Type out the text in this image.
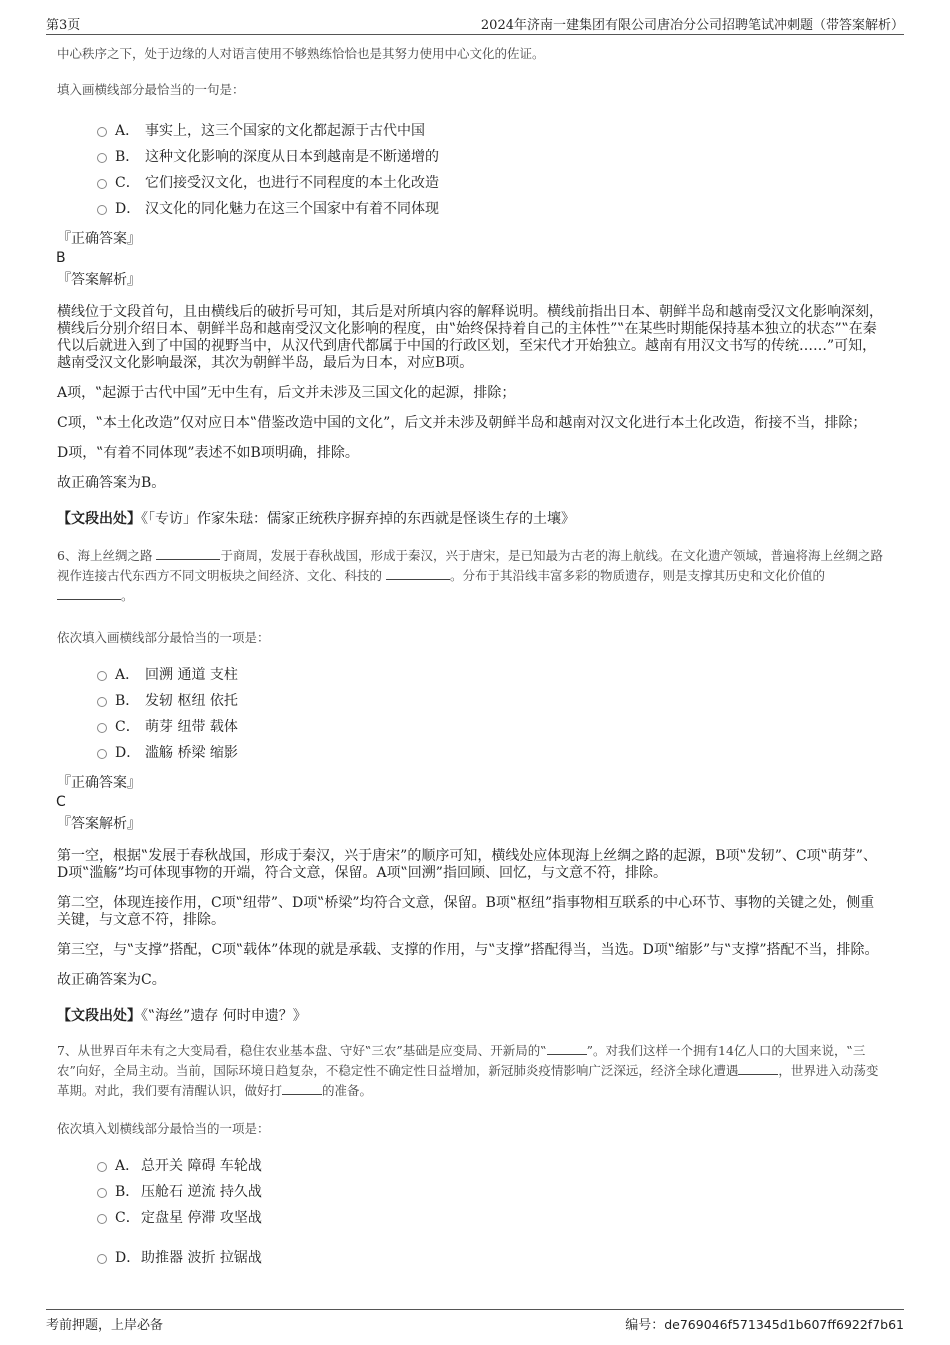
第3页	2024年济南一建集团有限公司唐冶分公司招聘笔试冲刺题（带答案解析）

中心秩序之下，处于边缘的人对语言使用不够熟练恰恰也是其努力使用中心文化的佐证。

填入画横线部分最恰当的一句是：

A． 事实上，这三个国家的文化都起源于古代中国
B． 这种文化影响的深度从日本到越南是不断递增的
C． 它们接受汉文化，也进行不同程度的本土化改造
D． 汉文化的同化魅力在这三个国家中有着不同体现
『正确答案』
B
『答案解析』
横线位于文段首句，且由横线后的破折号可知，其后是对所填内容的解释说明。横线前指出日本、朝鲜半岛和越南受汉文化影响深刻，横线后分别介绍日本、朝鲜半岛和越南受汉文化影响的程度，由‟始终保持着自己的主体性”‟在某些时期能保持基本独立的状态”‟在秦代以后就进入到了中国的视野当中，从汉代到唐代都属于中国的行政区划，至宋代才开始独立。越南有用汉文书写的传统……”可知，越南受汉文化影响最深，其次为朝鲜半岛，最后为日本，对应B项。
A项，‟起源于古代中国”无中生有，后文并未涉及三国文化的起源，排除；
C项，‟本土化改造”仅对应日本‟借鉴改造中国的文化”，后文并未涉及朝鲜半岛和越南对汉文化进行本土化改造，衔接不当，排除；
D项，‟有着不同体现”表述不如B项明确，排除。
故正确答案为B。
【文段出处】《「专访」作家朱琺：儒家正统秩序摒弃掉的东西就是怪谈生存的土壤》
6、海上丝绸之路	于商周，发展于春秋战国，形成于秦汉，兴于唐宋，是已知最为古老的海上航线。在文化遗产领域，普遍将海上丝绸之路视作连接古代东西方不同文明板块之间经济、文化、科技的	。分布于其沿线丰富多彩的物质遗存，则是支撑其历史和文化价值的 。

依次填入画横线部分最恰当的一项是：

A． 回溯 通道 支柱
B． 发轫 枢纽 依托
C． 萌芽 纽带 载体
D． 滥觞 桥梁 缩影
『正确答案』
C
『答案解析』
第一空，根据‟发展于春秋战国，形成于秦汉，兴于唐宋”的顺序可知，横线处应体现海上丝绸之路的起源，B项‟发轫”、C项‟萌芽”、D项‟滥觞”均可体现事物的开端，符合文意，保留。A项‟回溯”指回顾、回忆，与文意不符，排除。
第二空，体现连接作用，C项‟纽带”、D项‟桥梁”均符合文意，保留。B项‟枢纽”指事物相互联系的中心环节、事物的关键之处，侧重关键，与文意不符，排除。
第三空，与‟支撑”搭配，C项‟载体”体现的就是承载、支撑的作用，与‟支撑”搭配得当，当选。D项‟缩影”与‟支撑”搭配不当，排除。
故正确答案为C。
【文段出处】《‟海丝”遗存 何时申遗？》
7、从世界百年未有之大变局看，稳住农业基本盘、守好‟三农”基础是应变局、开新局的‟	”。对我们这样一个拥有14亿人口的大国来说，‟三农”向好，全局主动。当前，国际环境日趋复杂，不稳定性不确定性日益增加，新冠肺炎疫情影响广泛深远，经济全球化遭遇	，世界进入动荡变革期。对此，我们要有清醒认识，做好打	的准备。

依次填入划横线部分最恰当的一项是：

A． 总开关 障碍 车轮战
B． 压舱石 逆流 持久战
C． 定盘星 停滞 攻坚战
D． 助推器 波折 拉锯战
考前押题，上岸必备	编号：de769046f571345d1b607ff6922f7b61
